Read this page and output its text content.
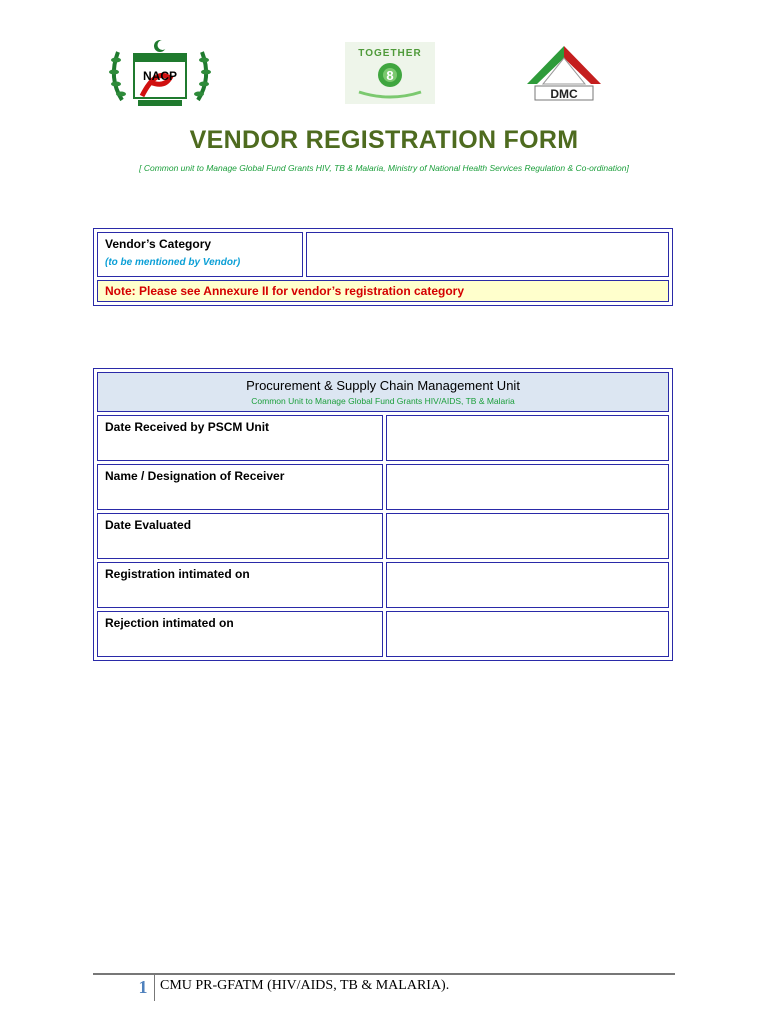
NACP
TOGETHER
8
DMC
VENDOR REGISTRATION FORM
[ Common unit to Manage Global Fund Grants HIV, TB & Malaria, Ministry of National Health Services Regulation & Co-ordination]
Vendor’s Category
(to be mentioned by Vendor)

Note: Please see Annexure II for vendor’s registration category
Procurement & Supply Chain Management Unit
Common Unit to Manage Global Fund Grants HIV/AIDS, TB & Malaria	

Date Received by PSCM Unit	
Name / Designation of Receiver	
Date Evaluated	
Registration intimated on	
Rejection intimated on	
1 CMU PR-GFATM (HIV/AIDS, TB & MALARIA).
